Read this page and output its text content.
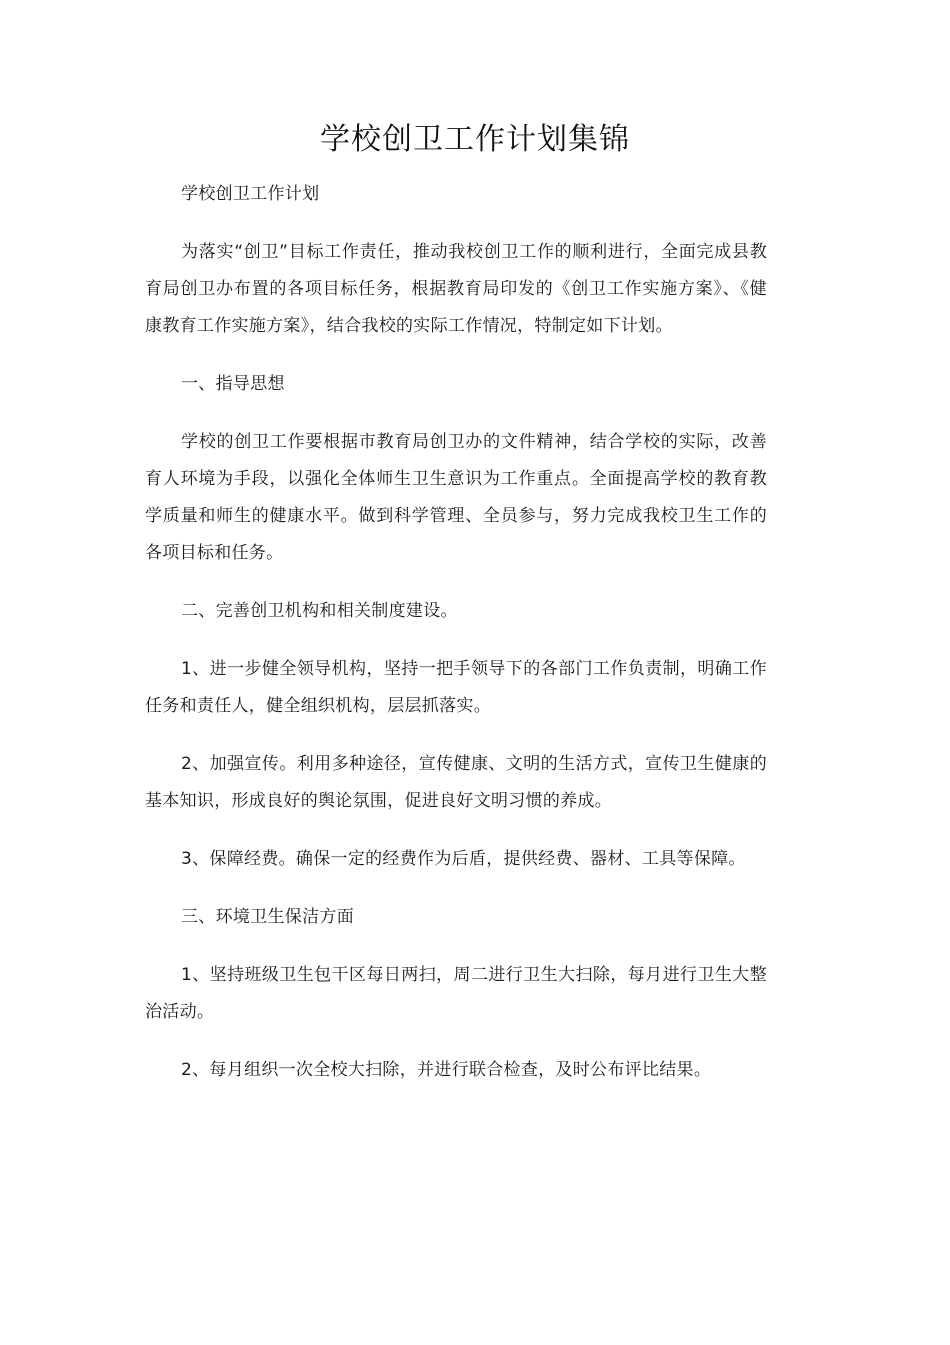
学校创卫工作计划集锦

学校创卫工作计划

为落实“创卫”目标工作责任，推动我校创卫工作的顺利进行，全面完成县教育局创卫办布置的各项目标任务，根据教育局印发的《创卫工作实施方案》、《健康教育工作实施方案》，结合我校的实际工作情况，特制定如下计划。

一、指导思想

学校的创卫工作要根据市教育局创卫办的文件精神，结合学校的实际，改善育人环境为手段，以强化全体师生卫生意识为工作重点。全面提高学校的教育教学质量和师生的健康水平。做到科学管理、全员参与，努力完成我校卫生工作的各项目标和任务。

二、完善创卫机构和相关制度建设。

1、进一步健全领导机构，坚持一把手领导下的各部门工作负责制，明确工作任务和责任人，健全组织机构，层层抓落实。

2、加强宣传。利用多种途径，宣传健康、文明的生活方式，宣传卫生健康的基本知识，形成良好的舆论氛围，促进良好文明习惯的养成。

3、保障经费。确保一定的经费作为后盾，提供经费、器材、工具等保障。

三、环境卫生保洁方面

1、坚持班级卫生包干区每日两扫，周二进行卫生大扫除，每月进行卫生大整治活动。

2、每月组织一次全校大扫除，并进行联合检查，及时公布评比结果。
